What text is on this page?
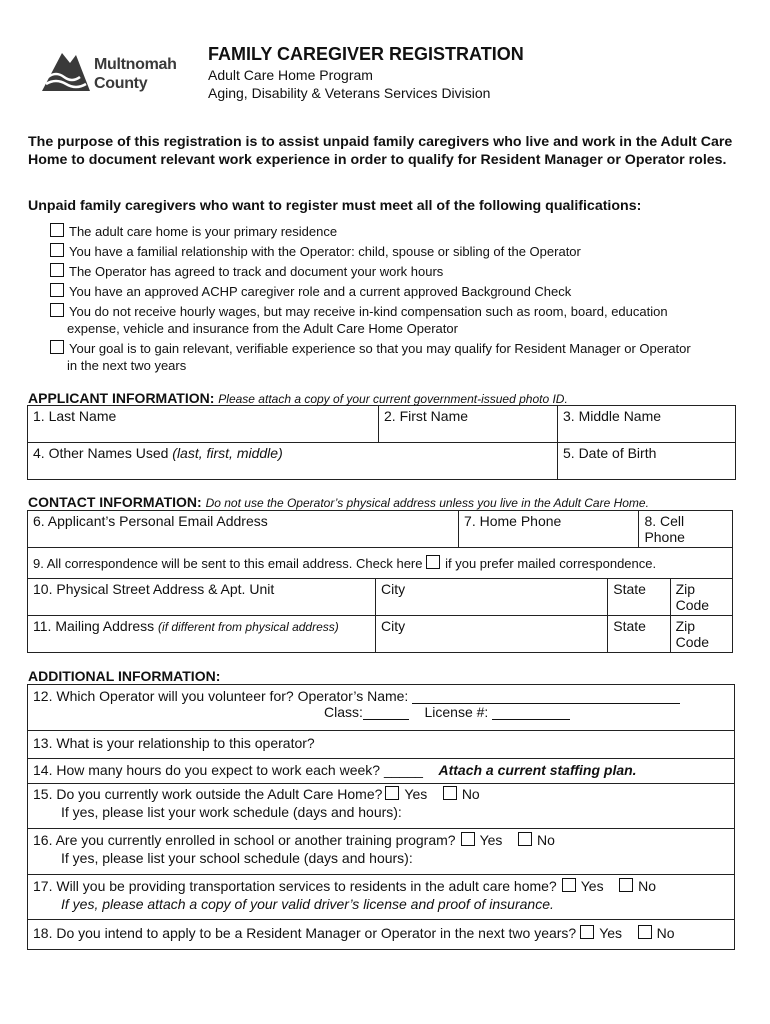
Multnomah
County
FAMILY CAREGIVER REGISTRATION
Adult Care Home Program
Aging, Disability & Veterans Services Division
The purpose of this registration is to assist unpaid family caregivers who live and work in the Adult Care Home to document relevant work experience in order to qualify for Resident Manager or Operator roles.
Unpaid family caregivers who want to register must meet all of the following qualifications:
The adult care home is your primary residence
You have a familial relationship with the Operator: child, spouse or sibling of the Operator
The Operator has agreed to track and document your work hours
You have an approved ACHP caregiver role and a current approved Background Check
You do not receive hourly wages, but may receive in-kind compensation such as room, board, education
expense, vehicle and insurance from the Adult Care Home Operator
Your goal is to gain relevant, verifiable experience so that you may qualify for Resident Manager or Operator
in the next two years
APPLICANT INFORMATION: Please attach a copy of your current government-issued photo ID.
1. Last Name	2. First Name	3. Middle Name
4. Other Names Used (last, first, middle)		5. Date of Birth
CONTACT INFORMATION: Do not use the Operator’s physical address unless you live in the Adult Care Home.
6. Applicant’s Personal Email Address		7. Home Phone		8. Cell Phone	
9. All correspondence will be sent to this email address. Check here if you prefer mailed correspondence.					
10. Physical Street Address & Apt. Unit	City		State		Zip Code
11. Mailing Address (if different from physical address)	City		State		Zip Code
ADDITIONAL INFORMATION:
12. Which Operator will you volunteer for? Operator’s Name:
Class:	License #:
13. What is your relationship to this operator?
14. How many hours do you expect to work each week? _____ Attach a current staffing plan.
15. Do you currently work outside the Adult Care Home? Yes No
If yes, please list your work schedule (days and hours):
16. Are you currently enrolled in school or another training program? Yes No
If yes, please list your school schedule (days and hours):
17. Will you be providing transportation services to residents in the adult care home? Yes No
If yes, please attach a copy of your valid driver’s license and proof of insurance.
18. Do you intend to apply to be a Resident Manager or Operator in the next two years? Yes No
